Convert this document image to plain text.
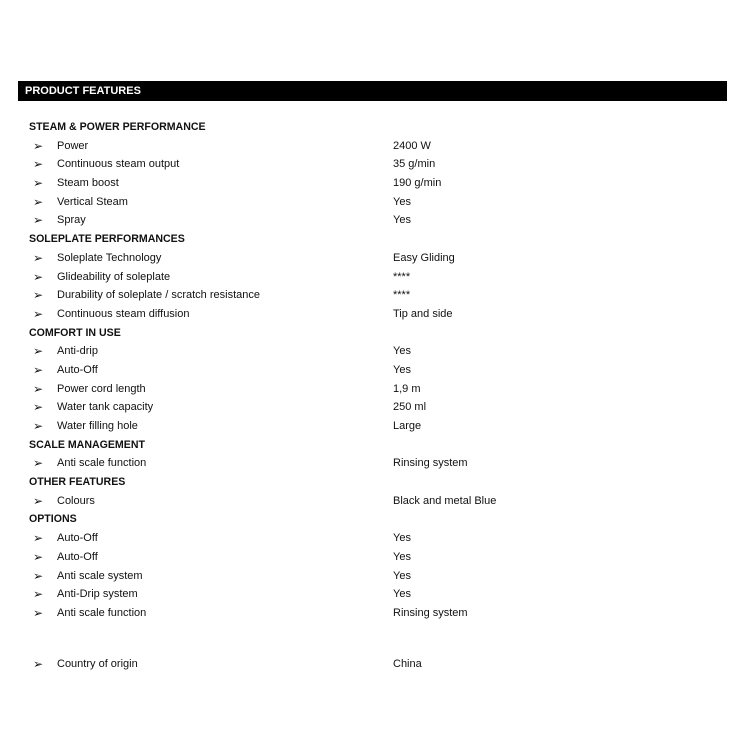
PRODUCT FEATURES
STEAM & POWER PERFORMANCE
➢	Power	2400 W
➢	Continuous steam output	35 g/min
➢	Steam boost	190 g/min
➢	Vertical Steam	Yes
➢	Spray	Yes
SOLEPLATE PERFORMANCES
➢	Soleplate Technology	Easy Gliding
➢	Glideability of soleplate	****
➢	Durability of soleplate / scratch resistance	****
➢	Continuous steam diffusion	Tip and side
COMFORT IN USE
➢	Anti-drip	Yes
➢	Auto-Off	Yes
➢	Power cord length	1,9 m
➢	Water tank capacity	250 ml
➢	Water filling hole	Large
SCALE MANAGEMENT
➢	Anti scale function	Rinsing system
OTHER FEATURES
➢	Colours	Black and metal Blue
OPTIONS
➢	Auto-Off	Yes
➢	Auto-Off	Yes
➢	Anti scale system	Yes
➢	Anti-Drip system	Yes
➢	Anti scale function	Rinsing system
➢	Country of origin	China
